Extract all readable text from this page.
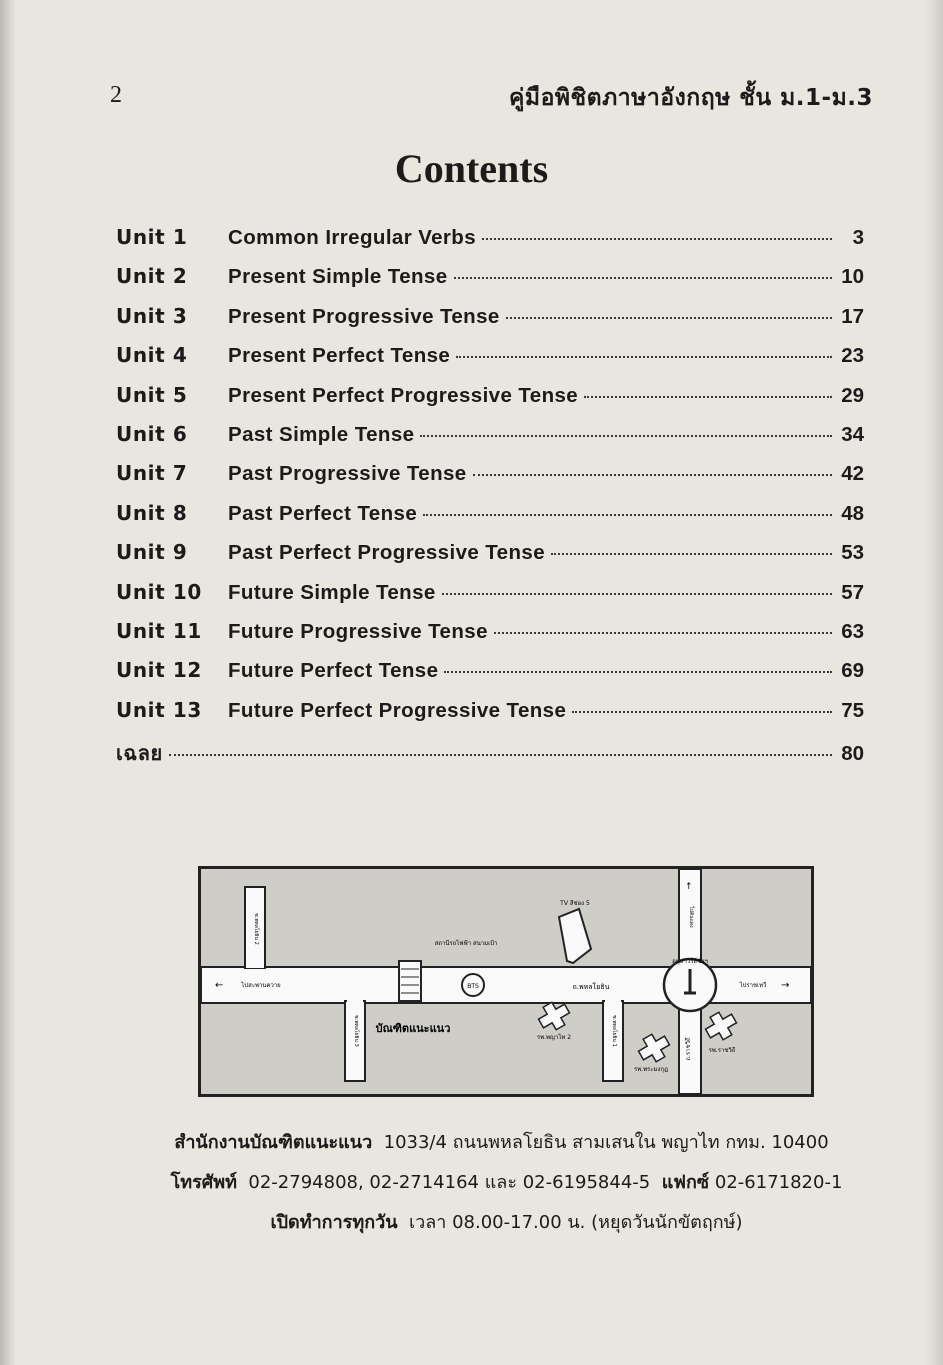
2	คู่มือพิชิตภาษาอังกฤษ ชั้น ม.1-ม.3
Contents
Unit 1	Common Irregular Verbs	3
Unit 2	Present Simple Tense	10
Unit 3	Present Progressive Tense	17
Unit 4	Present Perfect Tense	23
Unit 5	Present Perfect Progressive Tense	29
Unit 6	Past Simple Tense	34
Unit 7	Past Progressive Tense	42
Unit 8	Past Perfect Tense	48
Unit 9	Past Perfect Progressive Tense	53
Unit 10	Future Simple Tense	57
Unit 11	Future Progressive Tense	63
Unit 12	Future Perfect Tense	69
Unit 13	Future Perfect Progressive Tense	75
เฉลย	80
BTS
สถานีรถไฟฟ้า สนามเป้า
บัณฑิตแนะแนว
TV สีช่อง 5
รพ.พญาไท 2
รพ.พระมงกุฎ
รพ.ราชวิถี
ถ.พหลโยธิน
ไปสะพานควาย
←	ไปราชเทวี →
ซ.พหลโยธิน 2
ซ.พหลโยธิน 3	ซ.พหลโยธิน 1
ไปดินแดง
↑
ถ.ราชวิถี
อนุสาวรีย์ชัยฯ
สำนักงานบัณฑิตแนะแนว 1033/4 ถนนพหลโยธิน สามเสนใน พญาไท กทม. 10400
โทรศัพท์ 02-2794808, 02-2714164 และ 02-6195844-5 แฟกซ์ 02-6171820-1
เปิดทำการทุกวัน เวลา 08.00-17.00 น. (หยุดวันนักขัตฤกษ์)
